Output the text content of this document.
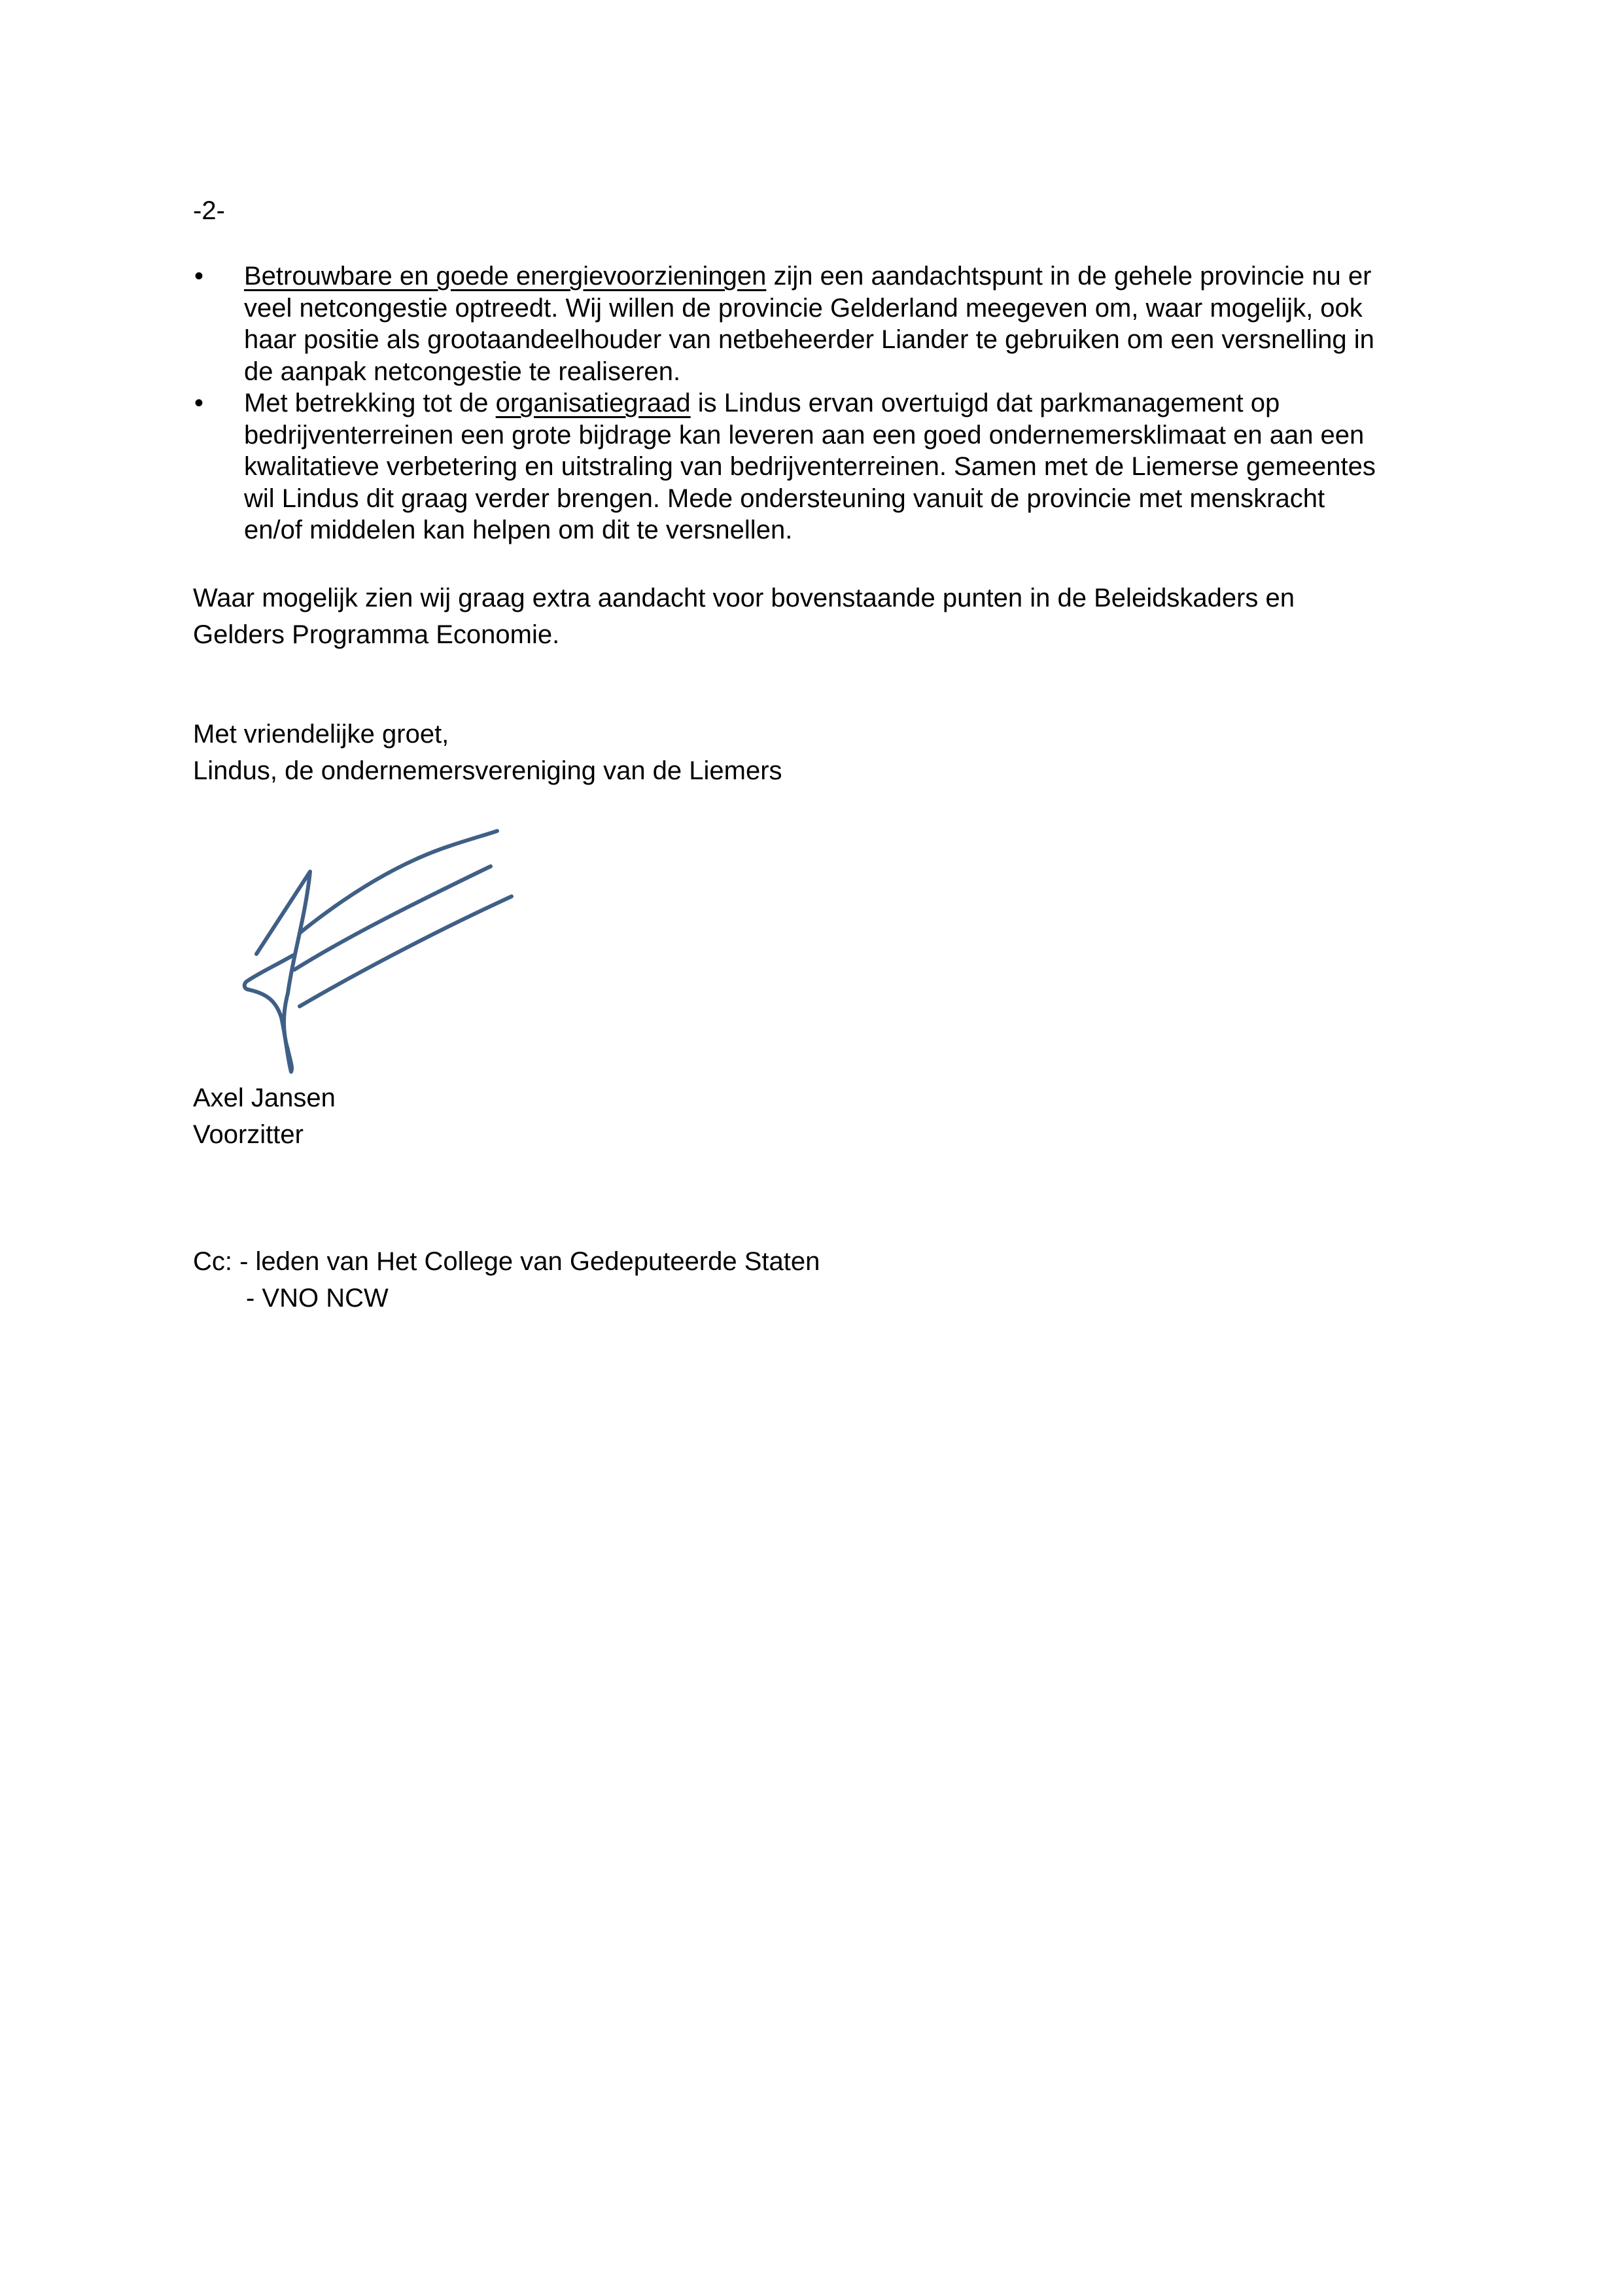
-2-
•	Betrouwbare en goede energievoorzieningen zijn een aandachtspunt in de gehele provincie nu er
veel netcongestie optreedt. Wij willen de provincie Gelderland meegeven om, waar mogelijk, ook
haar positie als grootaandeelhouder van netbeheerder Liander te gebruiken om een versnelling in
de aanpak netcongestie te realiseren.
•	Met betrekking tot de organisatiegraad is Lindus ervan overtuigd dat parkmanagement op
bedrijventerreinen een grote bijdrage kan leveren aan een goed ondernemersklimaat en aan een
kwalitatieve verbetering en uitstraling van bedrijventerreinen. Samen met de Liemerse gemeentes
wil Lindus dit graag verder brengen. Mede ondersteuning vanuit de provincie met menskracht
en/of middelen kan helpen om dit te versnellen.
Waar mogelijk zien wij graag extra aandacht voor bovenstaande punten in de Beleidskaders en
Gelders Programma Economie.
Met vriendelijke groet,
Lindus, de ondernemersvereniging van de Liemers
Axel Jansen
Voorzitter
Cc: - leden van Het College van Gedeputeerde Staten
- VNO NCW
